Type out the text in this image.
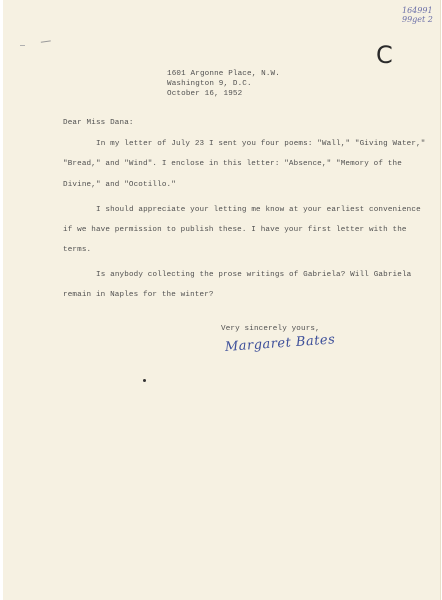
164991
99get 2
C
1601 Argonne Place, N.W.
Washington 9, D.C.
October 16, 1952
Dear Miss Dana:
In my letter of July 23 I sent you four poems: "Wall," "Giving Water,"
"Bread," and "Wind". I enclose in this letter: "Absence," "Memory of the
Divine," and "Ocotillo."
I should appreciate your letting me know at your earliest convenience
if we have permission to publish these. I have your first letter with the
terms.
Is anybody collecting the prose writings of Gabriela? Will Gabriela
remain in Naples for the winter?
Very sincerely yours,
Margaret Bates
